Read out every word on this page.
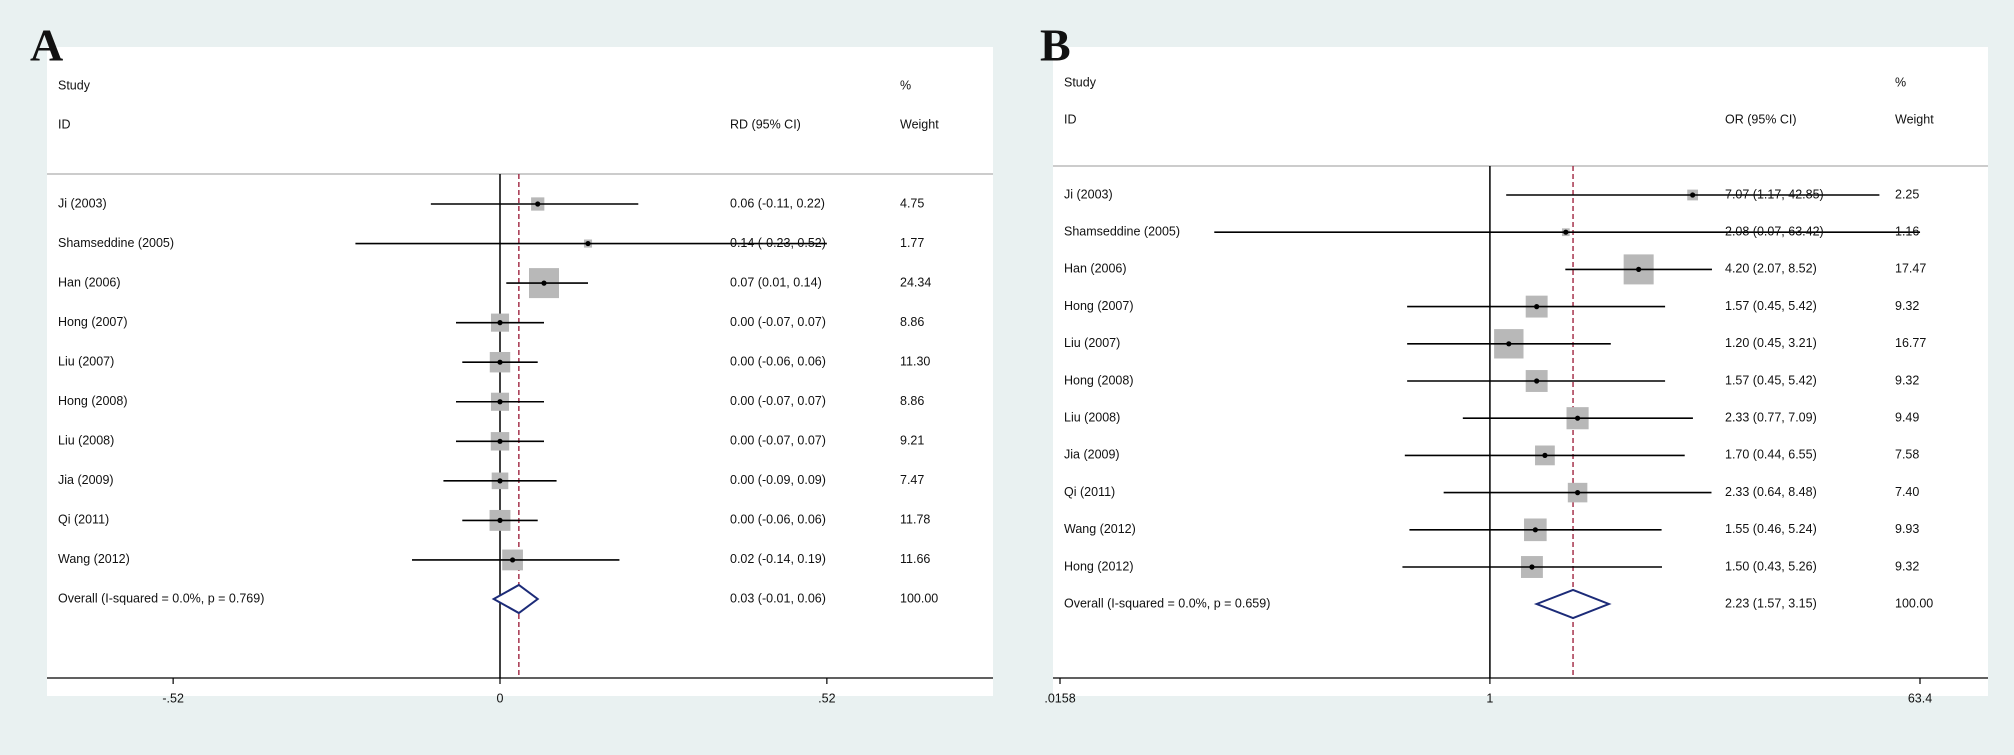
A
Study
ID	RD (95% CI)
%
Weight
Ji (2003)	0.06 (-0.11, 0.22)	4.75
Shamseddine (2005)	0.14 (-0.23, 0.52)	1.77
Han (2006)	0.07 (0.01, 0.14)	24.34
Hong (2007)	0.00 (-0.07, 0.07)	8.86
Liu (2007)	0.00 (-0.06, 0.06)	11.30
Hong (2008)	0.00 (-0.07, 0.07)	8.86
Liu (2008)	0.00 (-0.07, 0.07)	9.21
Jia (2009)	0.00 (-0.09, 0.09)	7.47
Qi (2011)	0.00 (-0.06, 0.06)	11.78
Wang (2012)	0.02 (-0.14, 0.19)	11.66
Overall (I-squared = 0.0%, p = 0.769)	0.03 (-0.01, 0.06)	100.00
-.52	0	.52
B
Study
ID	OR (95% CI)
%
Weight
Ji (2003)	7.07 (1.17, 42.85)	2.25
Shamseddine (2005)	2.08 (0.07, 63.42)	1.16
Han (2006)	4.20 (2.07, 8.52)	17.47
Hong (2007)	1.57 (0.45, 5.42)	9.32
Liu (2007)	1.20 (0.45, 3.21)	16.77
Hong (2008)	1.57 (0.45, 5.42)	9.32
Liu (2008)	2.33 (0.77, 7.09)	9.49
Jia (2009)	1.70 (0.44, 6.55)	7.58
Qi (2011)	2.33 (0.64, 8.48)	7.40
Wang (2012)	1.55 (0.46, 5.24)	9.93
Hong (2012)	1.50 (0.43, 5.26)	9.32
Overall (I-squared = 0.0%, p = 0.659)	2.23 (1.57, 3.15)	100.00
.0158	1	63.4
